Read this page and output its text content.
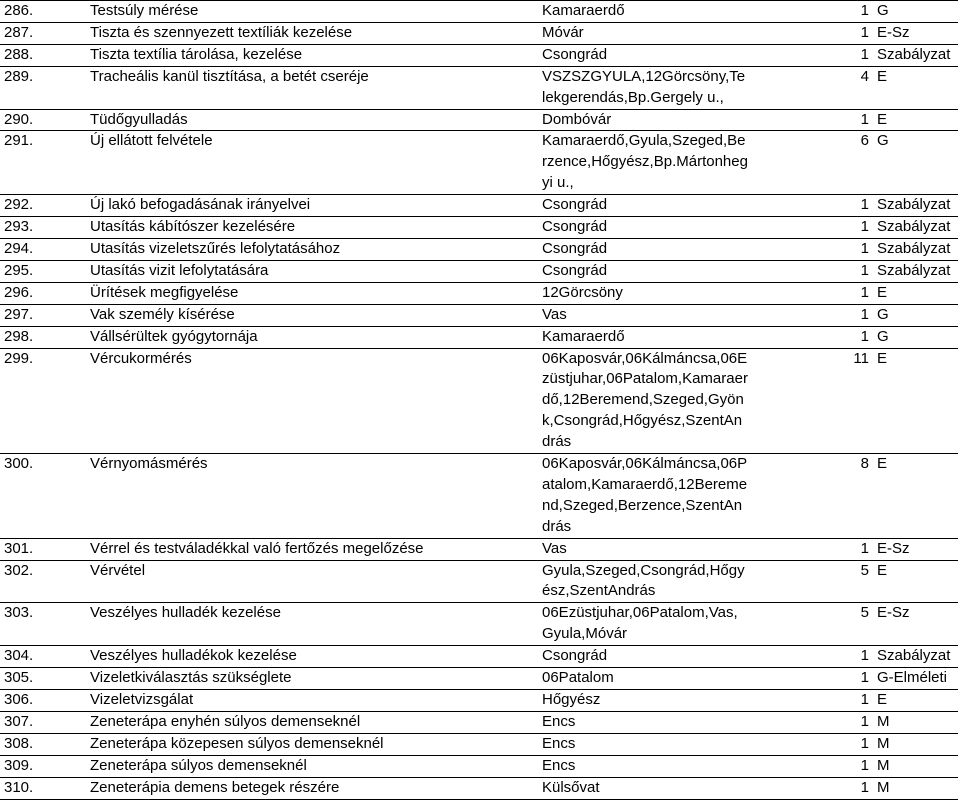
286.	Testsúly mérése	Kamaraerdő	1	G
287.	Tiszta és szennyezett textíliák kezelése	Móvár	1	E-Sz
288.	Tiszta textília tárolása, kezelése	Csongrád	1	Szabályzat
289.	Tracheális kanül tisztítása, a betét cseréje	VSZSZGYULA,12Görcsöny,Te
lekgerendás,Bp.Gergely u.,	4	E
290.	Tüdőgyulladás	Dombóvár	1	E
291.	Új ellátott felvétele	Kamaraerdő,Gyula,Szeged,Be
rzence,Hőgyész,Bp.Mártonheg
yi u.,	6	G
292.	Új lakó befogadásának irányelvei	Csongrád	1	Szabályzat
293.	Utasítás kábítószer kezelésére	Csongrád	1	Szabályzat
294.	Utasítás vizeletszűrés lefolytatásához	Csongrád	1	Szabályzat
295.	Utasítás vizit lefolytatására	Csongrád	1	Szabályzat
296.	Ürítések megfigyelése	12Görcsöny	1	E
297.	Vak személy kísérése	Vas	1	G
298.	Vállsérültek gyógytornája	Kamaraerdő	1	G
299.	Vércukormérés	06Kaposvár,06Kálmáncsa,06E
züstjuhar,06Patalom,Kamaraer
dő,12Beremend,Szeged,Gyön
k,Csongrád,Hőgyész,SzentAn
drás	11	E
300.	Vérnyomásmérés	06Kaposvár,06Kálmáncsa,06P
atalom,Kamaraerdő,12Bereme
nd,Szeged,Berzence,SzentAn
drás	8	E
301.	Vérrel és testváladékkal való fertőzés megelőzése	Vas	1	E-Sz
302.	Vérvétel	Gyula,Szeged,Csongrád,Hőgy
ész,SzentAndrás	5	E
303.	Veszélyes hulladék kezelése	06Ezüstjuhar,06Patalom,Vas,
Gyula,Móvár	5	E-Sz
304.	Veszélyes hulladékok kezelése	Csongrád	1	Szabályzat
305.	Vizeletkiválasztás szükséglete	06Patalom	1	G-Elméleti
306.	Vizeletvizsgálat	Hőgyész	1	E
307.	Zeneterápa enyhén súlyos demenseknél	Encs	1	M
308.	Zeneterápa közepesen súlyos demenseknél	Encs	1	M
309.	Zeneterápa súlyos demenseknél	Encs	1	M
310.	Zeneterápia demens betegek részére	Külsővat	1	M
